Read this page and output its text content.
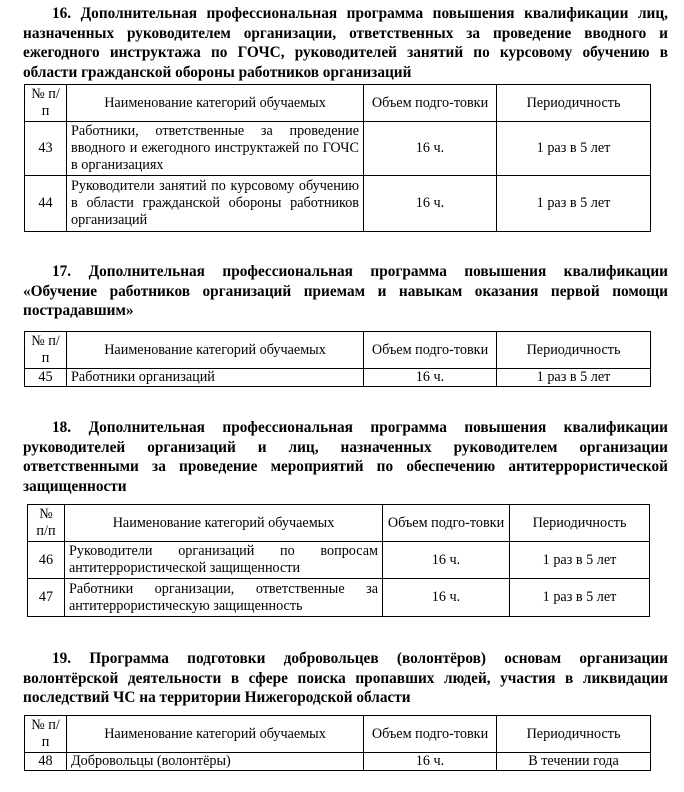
16. Дополнительная профессиональная программа повышения квалификации лиц, назначенных руководителем организации, ответственных за проведение вводного и ежегодного инструктажа по ГОЧС, руководителей занятий по курсовому обучению в области гражданской обороны работников организаций

№ п/п	Наименование категорий обучаемых	Объем подго-товки	Периодичность
43	Работники, ответственные за проведение вводного и ежегодного инструктажей по ГОЧС в организациях	16 ч.	1 раз в 5 лет
44	Руководители занятий по курсовому обучению в области гражданской обороны работников организаций	16 ч.	1 раз в 5 лет

17. Дополнительная профессиональная программа повышения квалификации «Обучение работников организаций приемам и навыкам оказания первой помощи пострадавшим»

№ п/п	Наименование категорий обучаемых	Объем подго-товки	Периодичность
45	Работники организаций	16 ч.	1 раз в 5 лет

18. Дополнительная профессиональная программа повышения квалификации руководителей организаций и лиц, назначенных руководителем организации ответственными за проведение мероприятий по обеспечению антитеррористической защищенности

№ п/п	Наименование категорий обучаемых	Объем подго-товки	Периодичность
46	Руководители организаций по вопросам антитеррористической защищенности	16 ч.	1 раз в 5 лет
47	Работники организации, ответственные за антитеррористическую защищенность	16 ч.	1 раз в 5 лет

19. Программа подготовки добровольцев (волонтёров) основам организации волонтёрской деятельности в сфере поиска пропавших людей, участия в ликвидации последствий ЧС на территории Нижегородской области

№ п/п	Наименование категорий обучаемых	Объем подго-товки	Периодичность
48	Добровольцы (волонтёры)	16 ч.	В течении года
